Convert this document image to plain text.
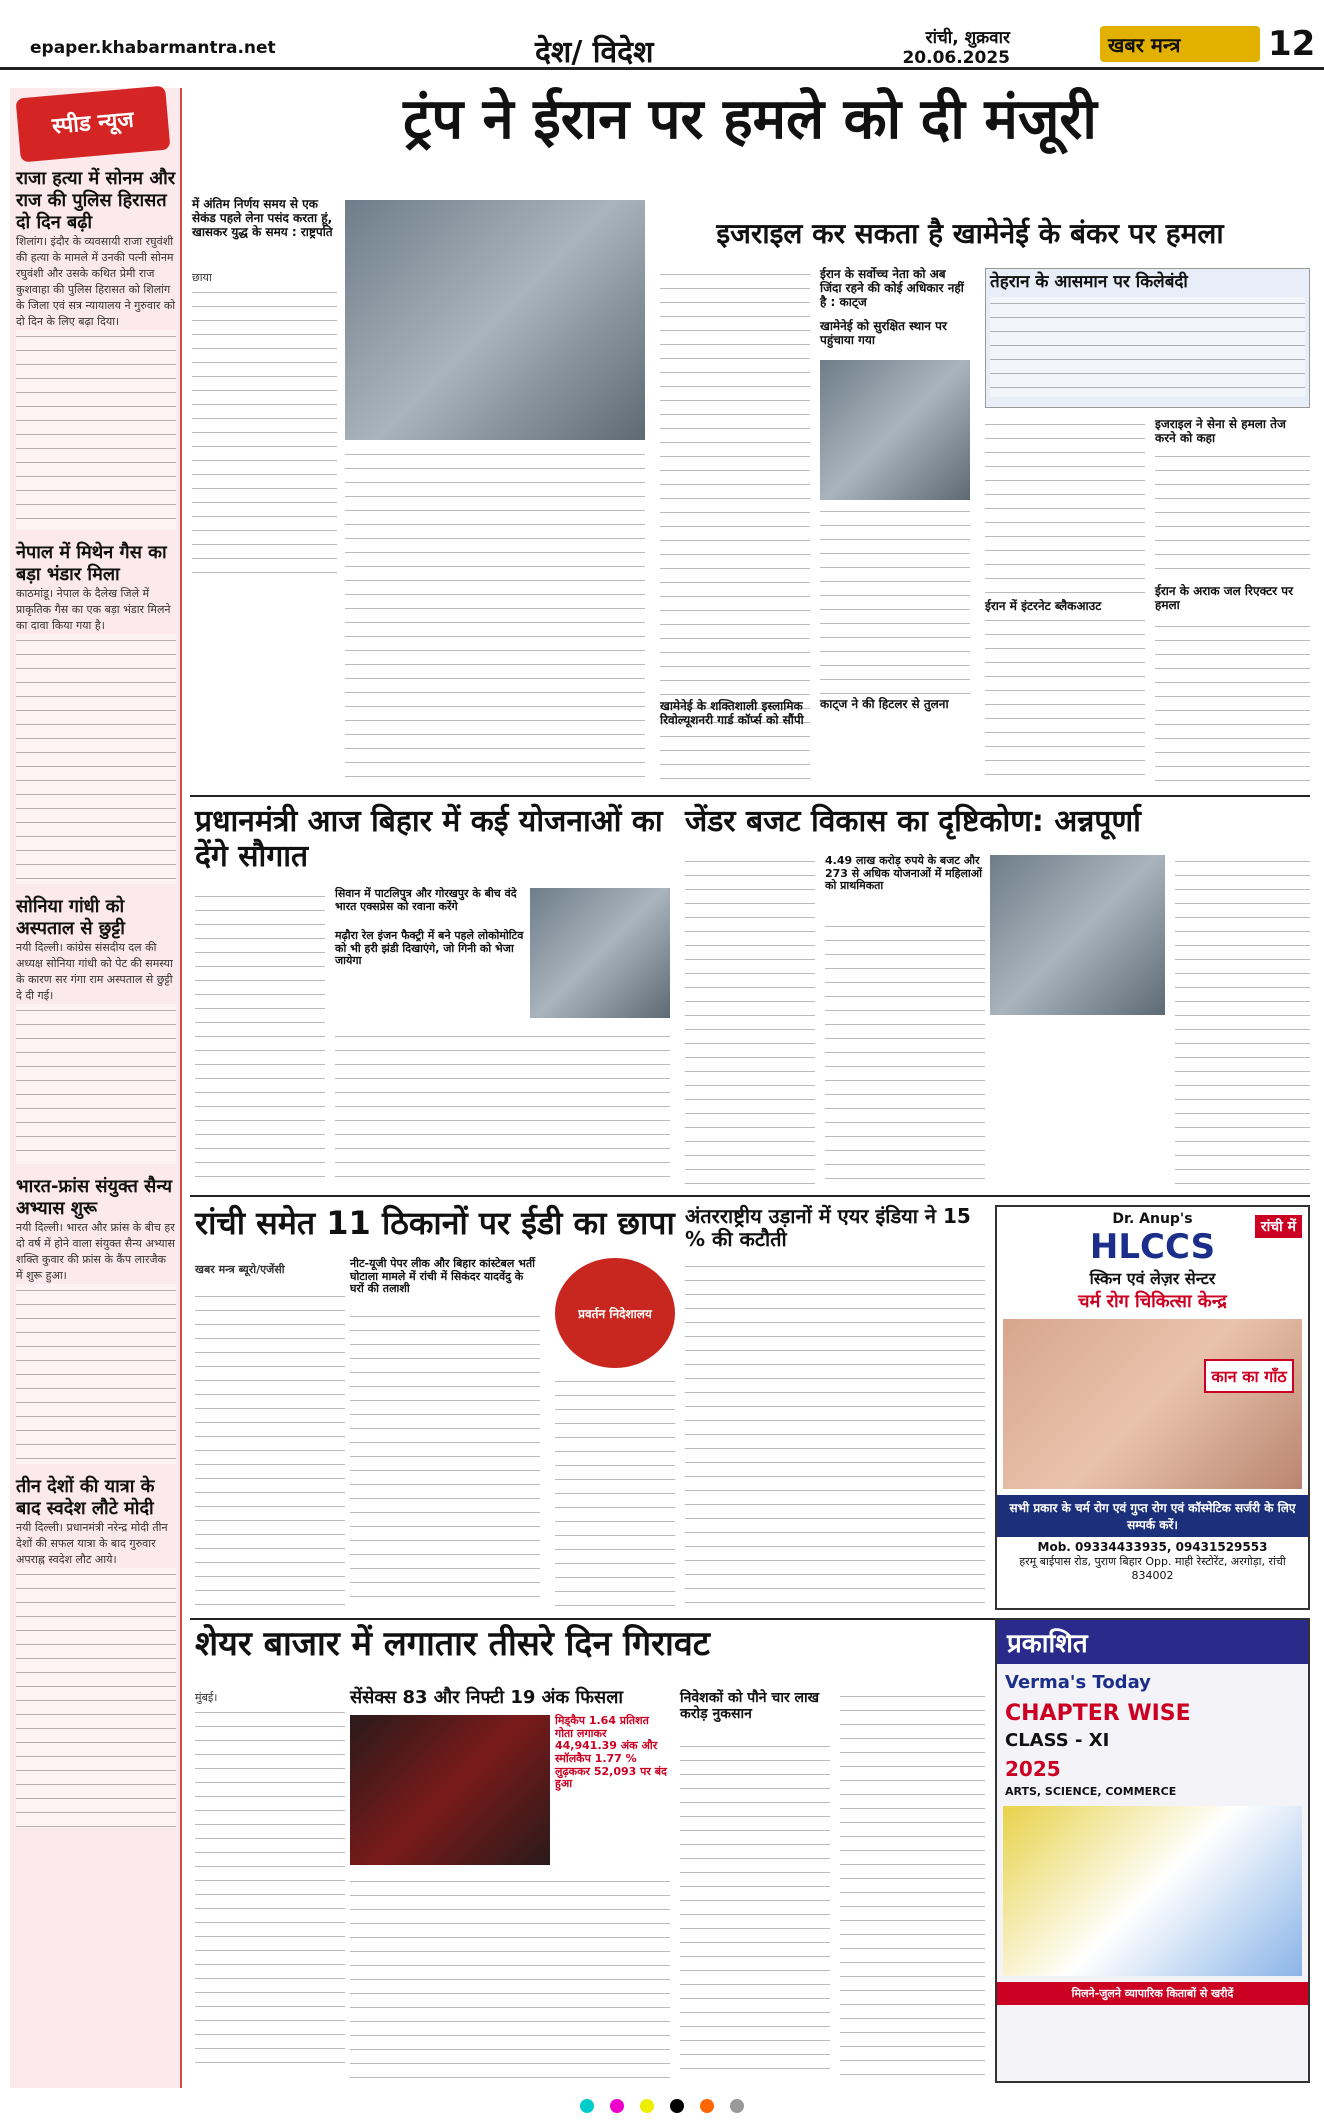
epaper.khabarmantra.net	देश/ विदेश	रांची, शुक्रवार
20.06.2025
खबर मन्त्र	12
स्पीड न्यूज
राजा हत्या में सोनम और राज की पुलिस हिरासत दो दिन बढ़ी
शिलांग। इंदौर के व्यवसायी राजा रघुवंशी की हत्या के मामले में उनकी पत्नी सोनम रघुवंशी और उसके कथित प्रेमी राज कुशवाहा की पुलिस हिरासत को शिलांग के जिला एवं सत्र न्यायालय ने गुरुवार को दो दिन के लिए बढ़ा दिया।
नेपाल में मिथेन गैस का बड़ा भंडार मिला
काठमांडू। नेपाल के दैलेख जिले में प्राकृतिक गैस का एक बड़ा भंडार मिलने का दावा किया गया है।
सोनिया गांधी को अस्पताल से छुट्टी
नयी दिल्ली। कांग्रेस संसदीय दल की अध्यक्ष सोनिया गांधी को पेट की समस्या के कारण सर गंगा राम अस्पताल से छुट्टी दे दी गई।
भारत-फ्रांस संयुक्त सैन्य अभ्यास शुरू
नयी दिल्ली। भारत और फ्रांस के बीच हर दो वर्ष में होने वाला संयुक्त सैन्य अभ्यास शक्ति कुवार की फ्रांस के कैंप लारजैक में शुरू हुआ।
तीन देशों की यात्रा के बाद स्वदेश लौटे मोदी
नयी दिल्ली। प्रधानमंत्री नरेन्द्र मोदी तीन देशों की सफल यात्रा के बाद गुरुवार अपराह्न स्वदेश लौट आये।
ट्रंप ने ईरान पर हमले को दी मंजूरी
इजराइल कर सकता है खामेनेई के बंकर पर हमला
में अंतिम निर्णय समय से एक सेकंड पहले लेना पसंद करता हूं, खासकर युद्ध के समय : राष्ट्रपति
छाया	ईरान के सर्वोच्च नेता को अब जिंदा रहने की कोई अधिकार नहीं है : काट्ज
खामेनेई को सुरक्षित स्थान पर पहुंचाया गया
काट्ज ने की हिटलर से तुलना
खामेनेई के शक्तिशाली इस्लामिक रिवोल्यूशनरी गार्ड कॉर्प्स को सौंपी
तेहरान के आसमान पर किलेबंदी
इजराइल ने सेना से हमला तेज करने को कहा
ईरान के अराक जल रिएक्टर पर हमला
ईरान में इंटरनेट ब्लैकआउट
प्रधानमंत्री आज बिहार में कई योजनाओं का देंगे सौगात
सिवान में पाटलिपुत्र और गोरखपुर के बीच वंदे भारत एक्सप्रेस को रवाना करेंगे
मढ़ौरा रेल इंजन फैक्ट्री में बने पहले लोकोमोटिव को भी हरी झंडी दिखाएंगे, जो गिनी को भेजा जायेगा
जेंडर बजट विकास का दृष्टिकोण: अन्नपूर्णा
4.49 लाख करोड़ रुपये के बजट और 273 से अधिक योजनाओं में महिलाओं को प्राथमिकता
रांची समेत 11 ठिकानों पर ईडी का छापा
खबर मन्त्र ब्यूरो/एजेंसी	नीट-यूजी पेपर लीक और बिहार कांस्टेबल भर्ती घोटाला मामले में रांची में सिकंदर यादवेंदु के घरों की तलाशी
प्रवर्तन निदेशालय
अंतरराष्ट्रीय उड़ानों में एयर इंडिया ने 15 % की कटौती
Dr. Anup's
HLCCS	रांची में
स्किन एवं लेज़र सेन्टर
चर्म रोग चिकित्सा केन्द्र
कान का गाँठ
सभी प्रकार के चर्म रोग एवं गुप्त रोग एवं कॉस्मेटिक सर्जरी के लिए सम्पर्क करें।
Mob. 09334433935, 09431529553
हरमू बाईपास रोड, पुराण बिहार Opp. माही रेस्टोरेंट, अरगोड़ा, रांची 834002
शेयर बाजार में लगातार तीसरे दिन गिरावट
सेंसेक्स 83 और निफ्टी 19 अंक फिसला
मुंबई।
मिड्कैप 1.64 प्रतिशत गोता लगाकर 44,941.39 अंक और स्मॉलकैप 1.77 % लुढ़ककर 52,093 पर बंद हुआ
निवेशकों को पौने चार लाख करोड़ नुकसान
प्रकाशित
Verma's Today
CHAPTER WISE
CLASS - XI
2025
ARTS, SCIENCE, COMMERCE
मिलने-जुलने व्यापारिक किताबों से खरीदें
